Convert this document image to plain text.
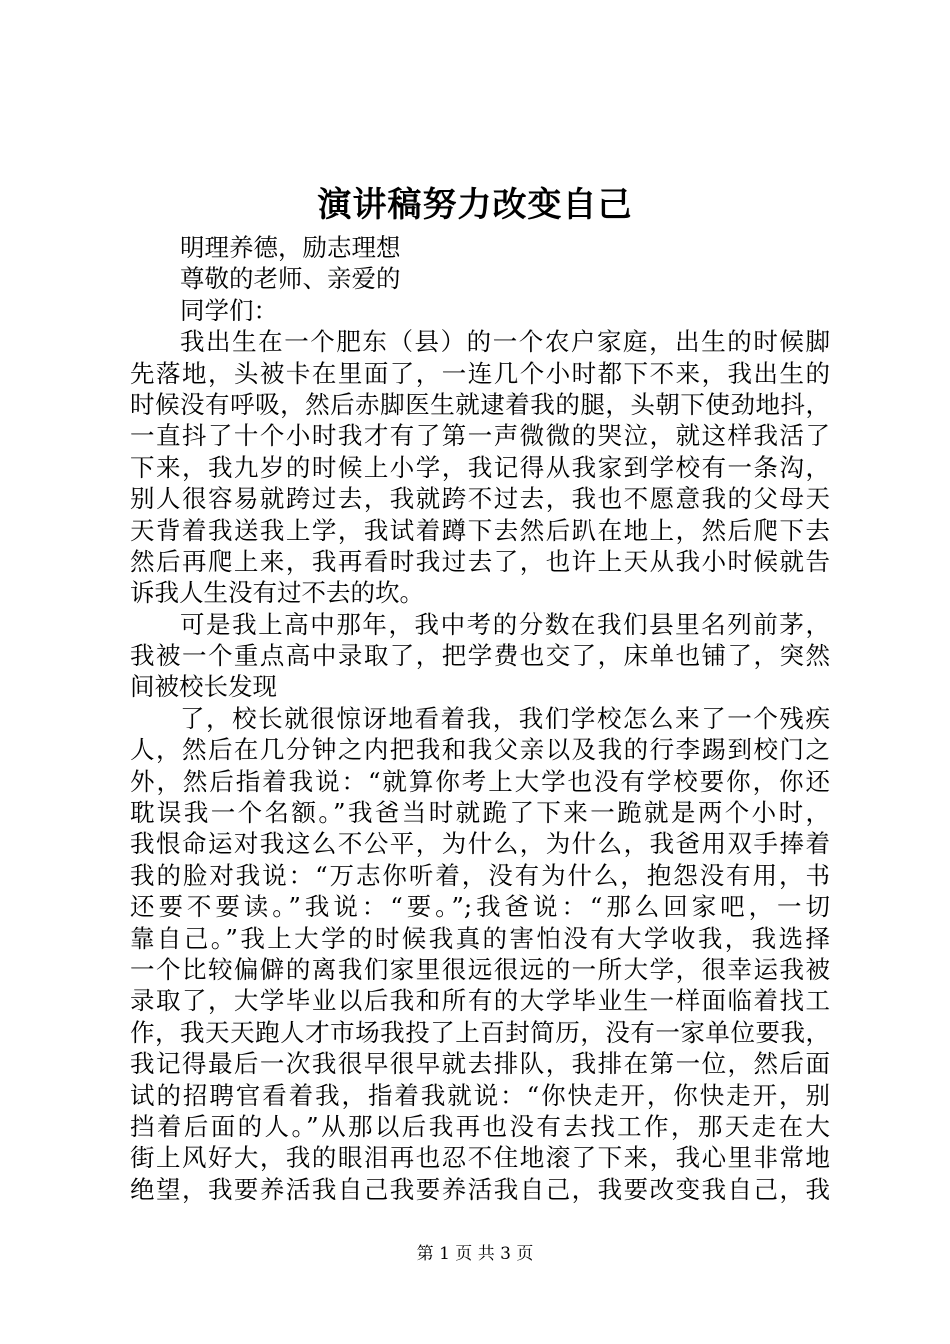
演讲稿努力改变自己
明理养德，励志理想
尊敬的老师、亲爱的
同学们：
我出生在一个肥东（县）的一个农户家庭，出生的时候脚
先落地，头被卡在里面了，一连几个小时都下不来，我出生的
时候没有呼吸，然后赤脚医生就逮着我的腿，头朝下使劲地抖，
一直抖了十个小时我才有了第一声微微的哭泣，就这样我活了
下来，我九岁的时候上小学，我记得从我家到学校有一条沟，
别人很容易就跨过去，我就跨不过去，我也不愿意我的父母天
天背着我送我上学，我试着蹲下去然后趴在地上，然后爬下去
然后再爬上来，我再看时我过去了，也许上天从我小时候就告
诉我人生没有过不去的坎。
可是我上高中那年，我中考的分数在我们县里名列前茅，
我被一个重点高中录取了，把学费也交了，床单也铺了，突然
间被校长发现
了，校长就很惊讶地看着我，我们学校怎么来了一个残疾
人，然后在几分钟之内把我和我父亲以及我的行李踢到校门之
外，然后指着我说：“就算你考上大学也没有学校要你，你还
耽误我一个名额。”我爸当时就跪了下来一跪就是两个小时，
我恨命运对我这么不公平，为什么，为什么，我爸用双手捧着
我的脸对我说：“万志你听着，没有为什么，抱怨没有用，书
还要不要读。”我说：“要。”;我爸说：“那么回家吧，一切
靠自己。”我上大学的时候我真的害怕没有大学收我，我选择
一个比较偏僻的离我们家里很远很远的一所大学，很幸运我被
录取了，大学毕业以后我和所有的大学毕业生一样面临着找工
作，我天天跑人才市场我投了上百封简历，没有一家单位要我，
我记得最后一次我很早很早就去排队，我排在第一位，然后面
试的招聘官看着我，指着我就说：“你快走开，你快走开，别
挡着后面的人。”从那以后我再也没有去找工作，那天走在大
街上风好大，我的眼泪再也忍不住地滚了下来，我心里非常地
绝望，我要养活我自己我要养活我自己，我要改变我自己，我
第 1 页 共 3 页
